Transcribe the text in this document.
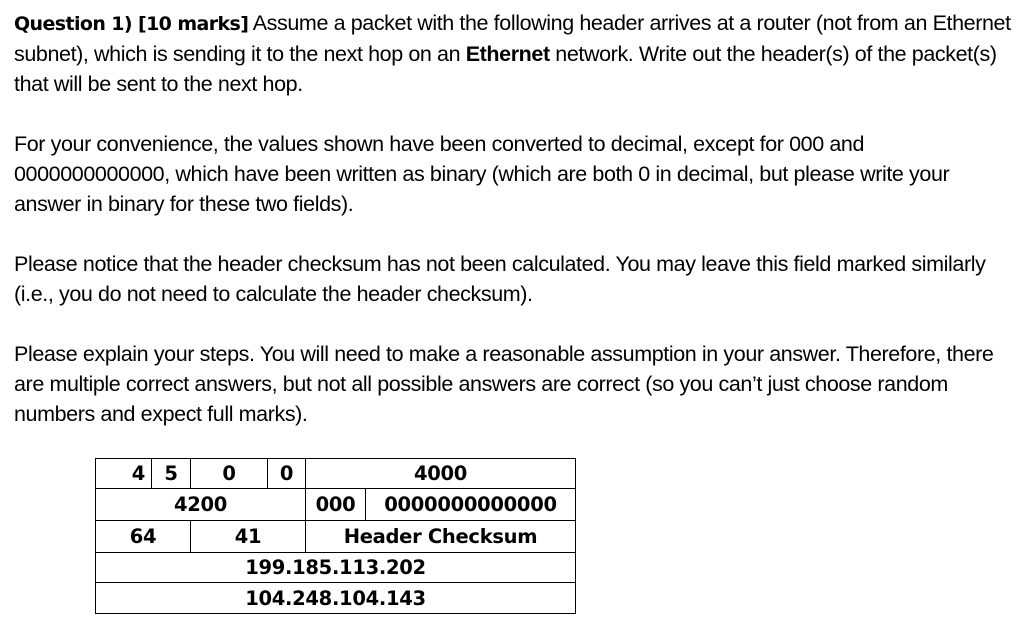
Question 1) [10 marks] Assume a packet with the following header arrives at a router (not from an Ethernet subnet), which is sending it to the next hop on an Ethernet network. Write out the header(s) of the packet(s) that will be sent to the next hop.

For your convenience, the values shown have been converted to decimal, except for 000 and 0000000000000, which have been written as binary (which are both 0 in decimal, but please write your answer in binary for these two fields).

Please notice that the header checksum has not been calculated. You may leave this field marked similarly (i.e., you do not need to calculate the header checksum).

Please explain your steps. You will need to make a reasonable assumption in your answer. Therefore, there are multiple correct answers, but not all possible answers are correct (so you can’t just choose random numbers and expect full marks).

4	5	0	0	4000	
4200				000	0000000000000
64		41		Header Checksum	
199.185.113.202					
104.248.104.143					
